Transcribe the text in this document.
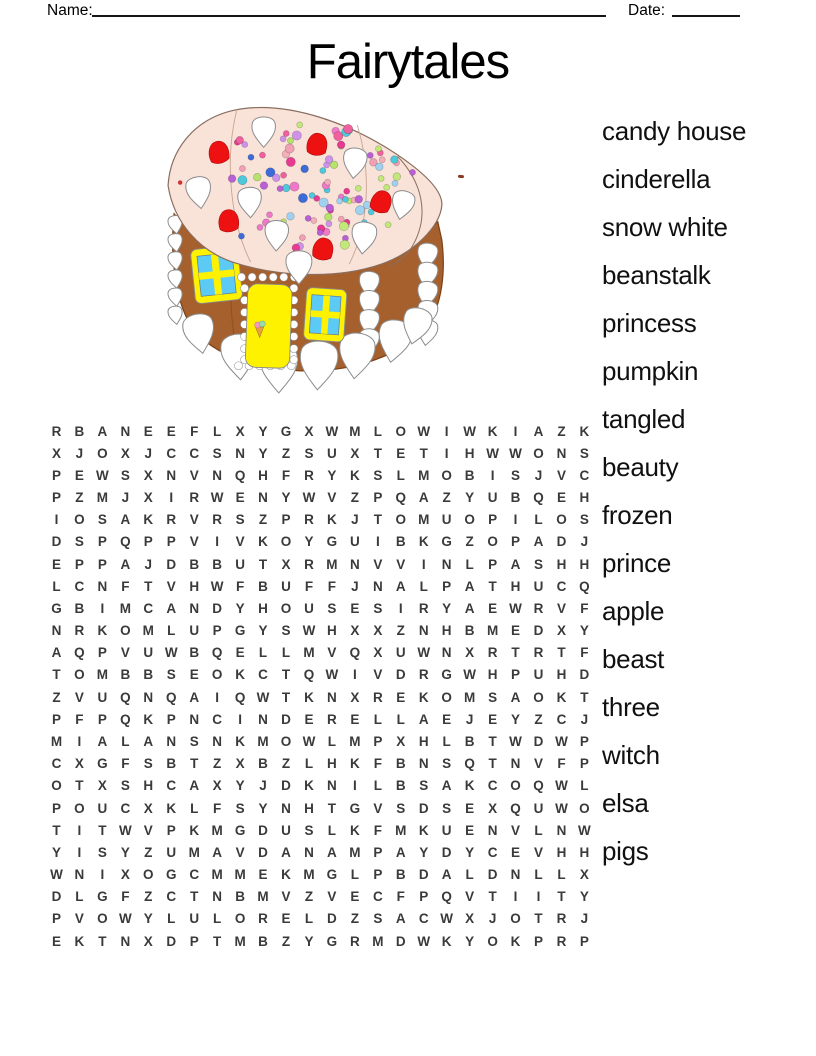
Name:	Date:
Fairytales
R B A N	E	E	F	L	X	Y G X W M L	O W	I	W K	I	A	Z	K
X	J	O X	J	C C	S	N	Y	Z	S	U	X	T	E	T	I	H W W O N	S
P	E W S	X	N	V	N Q H	F	R	Y	K	S	L M O B	I	S	J	V	C
P	Z M	J	X	I	R W E	N	Y W V	Z	P Q A	Z	Y	U B Q E	H
I	O S	A K R	V	R	S	Z	P	R K	J	T	O M U O P	I	L	O S
D	S	P Q P	P	V	I	V	K O Y G U	I	B K G	Z	O P	A D	J
E	P	P	A	J	D B B U	T	X	R M N	V	V	I	N	L	P	A	S	H H
L	C N	F	T	V	H W F	B U	F	F	J	N A	L	P	A	T	H U C Q
G B	I	M C A N D	Y	H O U	S	E	S	I	R	Y	A	E W R	V	F
N R K O M L	U	P G Y	S W H	X	X	Z	N H B M E	D	X	Y
A Q P	V	U W B Q E	L	L M V Q X	U W N	X	R	T	R	T	F
T	O M B B	S	E O K C	T	Q W	I	V	D R G W H	P	U H D
Z	V	U Q N Q A	I	Q W T	K N	X	R	E	K O M S	A O K	T
P	F	P Q K	P	N C	I	N D	E	R	E	L	L	A	E	J	E	Y	Z	C	J
M	I	A	L	A N	S	N K M O W L M P	X	H	L	B	T W D W P
C	X G	F	S	B	T	Z	X	B	Z	L	H K	F	B N	S Q	T	N	V	F	P
O	T	X	S	H C A	X	Y	J	D K N	I	L	B	S	A K C O Q W L
P O U C	X	K	L	F	S	Y	N H	T	G V	S	D	S	E	X Q U W O
T	I	T W V	P	K M G D U	S	L	K	F M K U	E	N	V	L	N W
Y	I	S	Y	Z	U M A	V	D A N A M P	A	Y	D	Y	C	E	V	H H
W N	I	X O G C M M E	K M G	L	P	B D A	L	D N	L	L	X
D	L	G	F	Z	C	T	N B M V	Z	V	E	C	F	P Q V	T	I	I	T	Y
P	V O W Y	L	U	L	O R	E	L	D	Z	S	A C W X	J	O	T	R	J
E	K	T	N	X	D	P	T M B	Z	Y G R M D W K	Y O K	P	R	P
candy house
cinderella
snow white
beanstalk
princess
pumpkin
tangled
beauty
frozen
prince
apple
beast
three
witch
elsa
pigs
